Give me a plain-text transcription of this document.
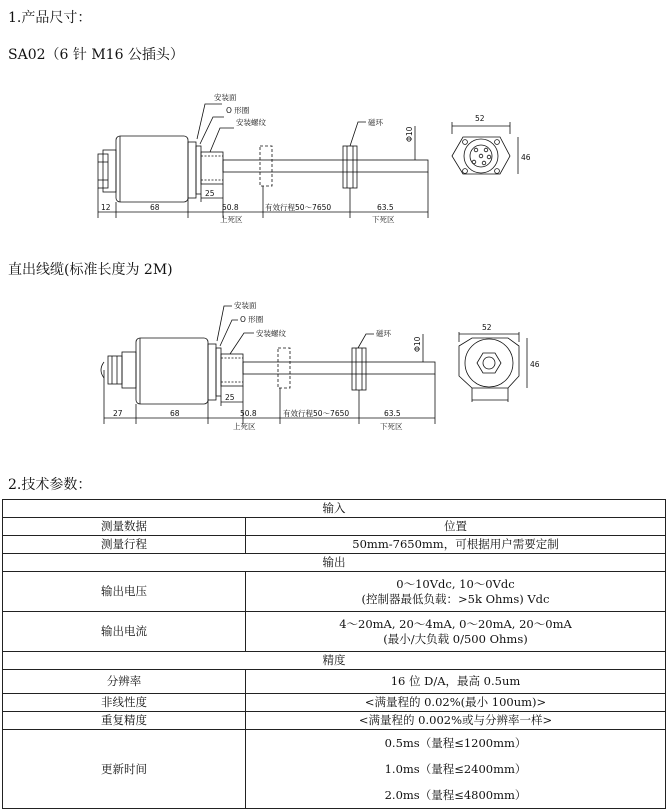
1.产品尺寸：
SA02（6 针 M16 公插头）
安装面
O 形圈
安装螺纹	磁环
12	68
25
50.8	有效行程50～7650	63.5
52
46
Φ10
上死区	下死区
直出线缆(标准长度为 2M)
安装面
O 形圈
安装螺纹	磁环
27	68
25
50.8	有效行程50～7650	63.5
52
46
Φ10
上死区	下死区
2.技术参数：
输入	
测量数据	位置
测量行程	50mm-7650mm，可根据用户需要定制
输出	
输出电压	0～10Vdc, 10～0Vdc
(控制器最低负载：>5k Ohms) Vdc

输出电流	4～20mA, 20～4mA, 0～20mA, 20～0mA
(最小/大负载 0/500 Ohms)

精度	
分辨率	16 位 D/A，最高 0.5um
非线性度	<满量程的 0.02%(最小 100um)>
重复精度	<满量程的 0.002%或与分辨率一样>
更新时间	0.5ms（量程≤1200mm）
1.0ms（量程≤2400mm）
2.0ms（量程≤4800mm）
